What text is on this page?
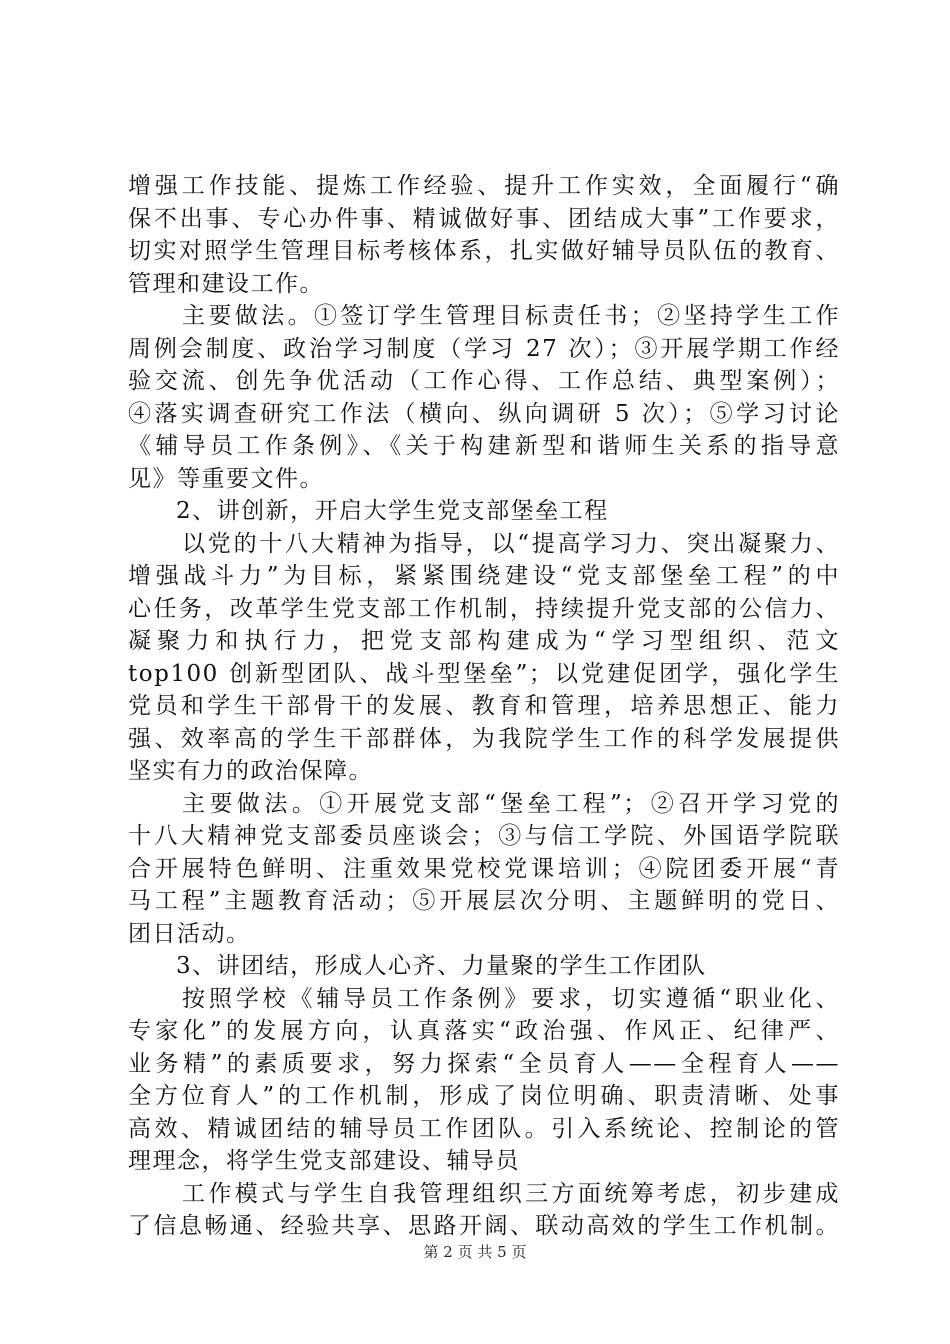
增强工作技能、提炼工作经验、提升工作实效，全面履行“确
保不出事、专心办件事、精诚做好事、团结成大事”工作要求，
切实对照学生管理目标考核体系，扎实做好辅导员队伍的教育、
管理和建设工作。
主要做法。①签订学生管理目标责任书；②坚持学生工作
周例会制度、政治学习制度（学习 27 次）；③开展学期工作经
验交流、创先争优活动（工作心得、工作总结、典型案例）；
④落实调查研究工作法（横向、纵向调研 5 次）；⑤学习讨论
《辅导员工作条例》、《关于构建新型和谐师生关系的指导意
见》等重要文件。
2、讲创新，开启大学生党支部堡垒工程
以党的十八大精神为指导，以“提高学习力、突出凝聚力、
增强战斗力”为目标，紧紧围绕建设“党支部堡垒工程”的中
心任务，改革学生党支部工作机制，持续提升党支部的公信力、
凝聚力和执行力，把党支部构建成为“学习型组织、范文
top100 创新型团队、战斗型堡垒”；以党建促团学，强化学生
党员和学生干部骨干的发展、教育和管理，培养思想正、能力
强、效率高的学生干部群体，为我院学生工作的科学发展提供
坚实有力的政治保障。
主要做法。①开展党支部“堡垒工程”；②召开学习党的
十八大精神党支部委员座谈会；③与信工学院、外国语学院联
合开展特色鲜明、注重效果党校党课培训；④院团委开展“青
马工程”主题教育活动；⑤开展层次分明、主题鲜明的党日、
团日活动。
3、讲团结，形成人心齐、力量聚的学生工作团队
按照学校《辅导员工作条例》要求，切实遵循“职业化、
专家化”的发展方向，认真落实“政治强、作风正、纪律严、
业务精”的素质要求，努力探索“全员育人——全程育人——
全方位育人”的工作机制，形成了岗位明确、职责清晰、处事
高效、精诚团结的辅导员工作团队。引入系统论、控制论的管
理理念，将学生党支部建设、辅导员
工作模式与学生自我管理组织三方面统筹考虑，初步建成
了信息畅通、经验共享、思路开阔、联动高效的学生工作机制。
第 2 页 共 5 页
